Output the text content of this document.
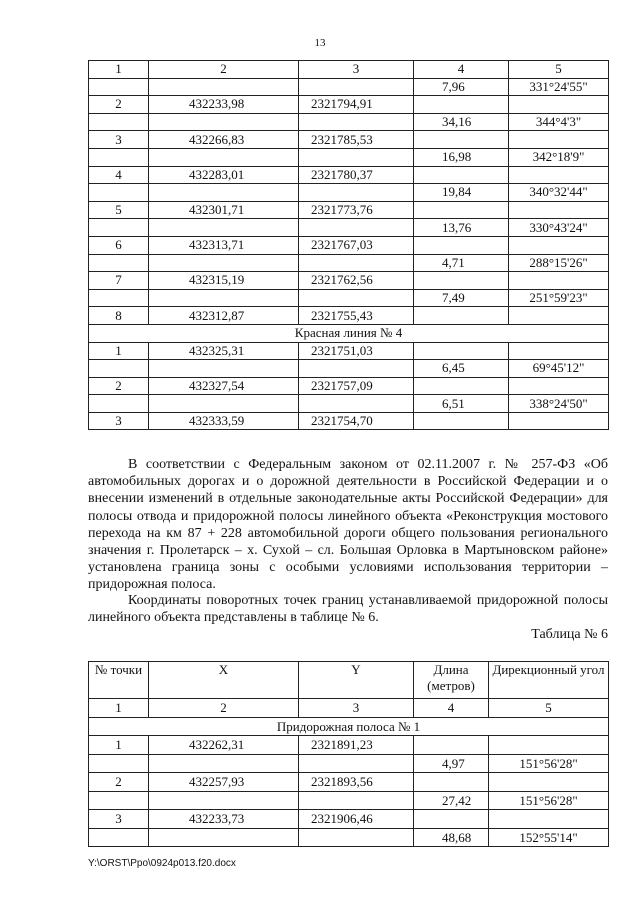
13
1	2	3	4	5
			7,96	331°24'55"
2	432233,98	2321794,91		
			34,16	344°4'3"
3	432266,83	2321785,53		
			16,98	342°18'9"
4	432283,01	2321780,37		
			19,84	340°32'44"
5	432301,71	2321773,76		
			13,76	330°43'24"
6	432313,71	2321767,03		
			4,71	288°15'26"
7	432315,19	2321762,56		
			7,49	251°59'23"
8	432312,87	2321755,43		
Красная линия № 4				
1	432325,31	2321751,03		
			6,45	69°45'12"
2	432327,54	2321757,09		
			6,51	338°24'50"
3	432333,59	2321754,70		
В соответствии с Федеральным законом от 02.11.2007 г. № 257-ФЗ «Об автомобильных дорогах и о дорожной деятельности в Российской Федерации и о внесении изменений в отдельные законодательные акты Российской Федерации» для полосы отвода и придорожной полосы линейного объекта «Реконструкция мостового перехода на км 87 + 228 автомобильной дороги общего пользования регионального значения г. Пролетарск – х. Сухой – сл. Большая Орловка в Мартыновском районе» установлена граница зоны с особыми условиями использования территории – придорожная полоса.
Координаты поворотных точек границ устанавливаемой придорожной полосы линейного объекта представлены в таблице № 6.
Таблица № 6
№ точки	X	Y	Длина (метров)	Дирекционный угол
1	2	3	4	5
Придорожная полоса № 1				
1	432262,31	2321891,23		
			4,97	151°56'28"
2	432257,93	2321893,56		
			27,42	151°56'28"
3	432233,73	2321906,46		
			48,68	152°55'14"
Y:\ORST\Ppo\0924p013.f20.docx
